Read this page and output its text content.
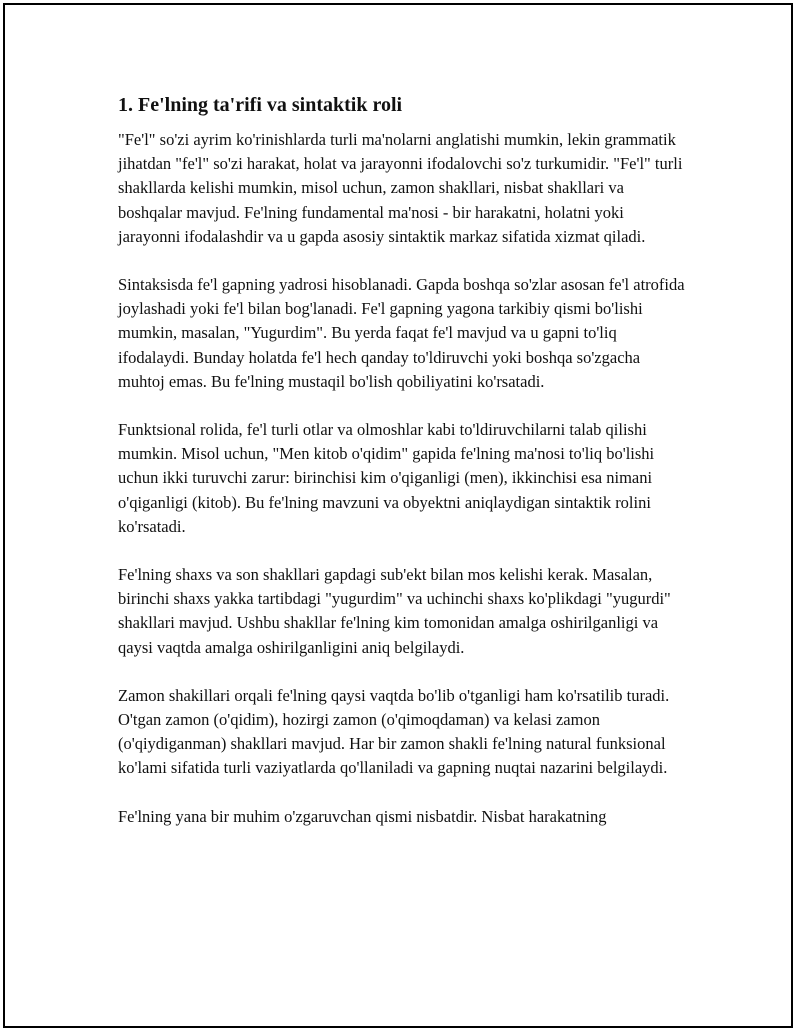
1. Fe'lning ta'rifi va sintaktik roli

"Fe'l" so'zi ayrim ko'rinishlarda turli ma'nolarni anglatishi mumkin, lekin grammatik jihatdan "fe'l" so'zi harakat, holat va jarayonni ifodalovchi so'z turkumidir. "Fe'l" turli shakllarda kelishi mumkin, misol uchun, zamon shakllari, nisbat shakllari va boshqalar mavjud. Fe'lning fundamental ma'nosi - bir harakatni, holatni yoki jarayonni ifodalashdir va u gapda asosiy sintaktik markaz sifatida xizmat qiladi.

Sintaksisda fe'l gapning yadrosi hisoblanadi. Gapda boshqa so'zlar asosan fe'l atrofida joylashadi yoki fe'l bilan bog'lanadi. Fe'l gapning yagona tarkibiy qismi bo'lishi mumkin, masalan, "Yugurdim". Bu yerda faqat fe'l mavjud va u gapni to'liq ifodalaydi. Bunday holatda fe'l hech qanday to'ldiruvchi yoki boshqa so'zgacha muhtoj emas. Bu fe'lning mustaqil bo'lish qobiliyatini ko'rsatadi.

Funktsional rolida, fe'l turli otlar va olmoshlar kabi to'ldiruvchilarni talab qilishi mumkin. Misol uchun, "Men kitob o'qidim" gapida fe'lning ma'nosi to'liq bo'lishi uchun ikki turuvchi zarur: birinchisi kim o'qiganligi (men), ikkinchisi esa nimani o'qiganligi (kitob). Bu fe'lning mavzuni va obyektni aniqlaydigan sintaktik rolini ko'rsatadi.

Fe'lning shaxs va son shakllari gapdagi sub'ekt bilan mos kelishi kerak. Masalan, birinchi shaxs yakka tartibdagi "yugurdim" va uchinchi shaxs ko'plikdagi "yugurdi" shakllari mavjud. Ushbu shakllar fe'lning kim tomonidan amalga oshirilganligi va qaysi vaqtda amalga oshirilganligini aniq belgilaydi.

Zamon shakillari orqali fe'lning qaysi vaqtda bo'lib o'tganligi ham ko'rsatilib turadi. O'tgan zamon (o'qidim), hozirgi zamon (o'qimoqdaman) va kelasi zamon (o'qiydiganman) shakllari mavjud. Har bir zamon shakli fe'lning natural funksional ko'lami sifatida turli vaziyatlarda qo'llaniladi va gapning nuqtai nazarini belgilaydi.

Fe'lning yana bir muhim o'zgaruvchan qismi nisbatdir. Nisbat harakatning
